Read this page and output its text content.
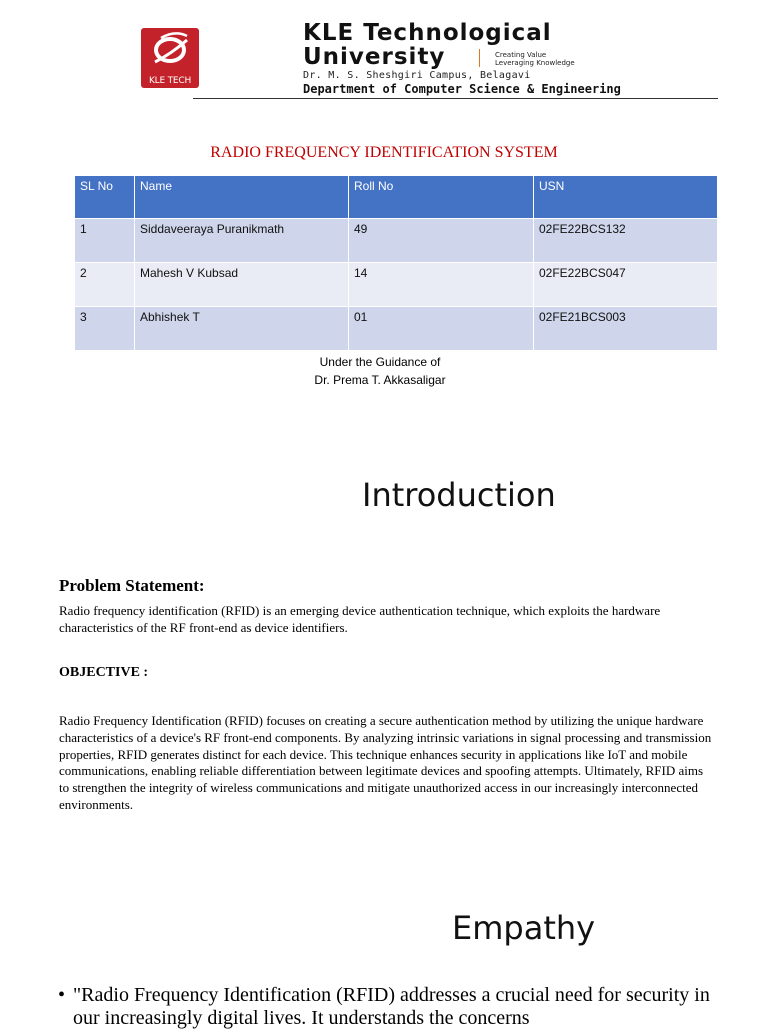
KLE TECH
KLE Technological
University	Creating Value
Leveraging Knowledge
Dr. M. S. Sheshgiri Campus, Belagavi
Department of Computer Science & Engineering
RADIO FREQUENCY IDENTIFICATION SYSTEM
SL No	Name	Roll No	USN
1	Siddaveeraya Puranikmath	49	02FE22BCS132
2	Mahesh V Kubsad	14	02FE22BCS047
3	Abhishek T	01	02FE21BCS003
Under the Guidance of
Dr. Prema T. Akkasaligar
Introduction
Problem Statement:
Radio frequency identification (RFID) is an emerging device authentication technique, which exploits the hardware characteristics of the RF front-end as device identifiers.
OBJECTIVE :
Radio Frequency Identification (RFID) focuses on creating a secure authentication method by utilizing the unique hardware characteristics of a device's RF front-end components. By analyzing intrinsic variations in signal processing and transmission properties, RFID generates distinct for each device. This technique enhances security in applications like IoT and mobile communications, enabling reliable differentiation between legitimate devices and spoofing attempts. Ultimately, RFID aims to strengthen the integrity of wireless communications and mitigate unauthorized access in our increasingly interconnected environments.
Empathy
• "Radio Frequency Identification (RFID) addresses a crucial need for security in our increasingly digital lives. It understands the concerns
